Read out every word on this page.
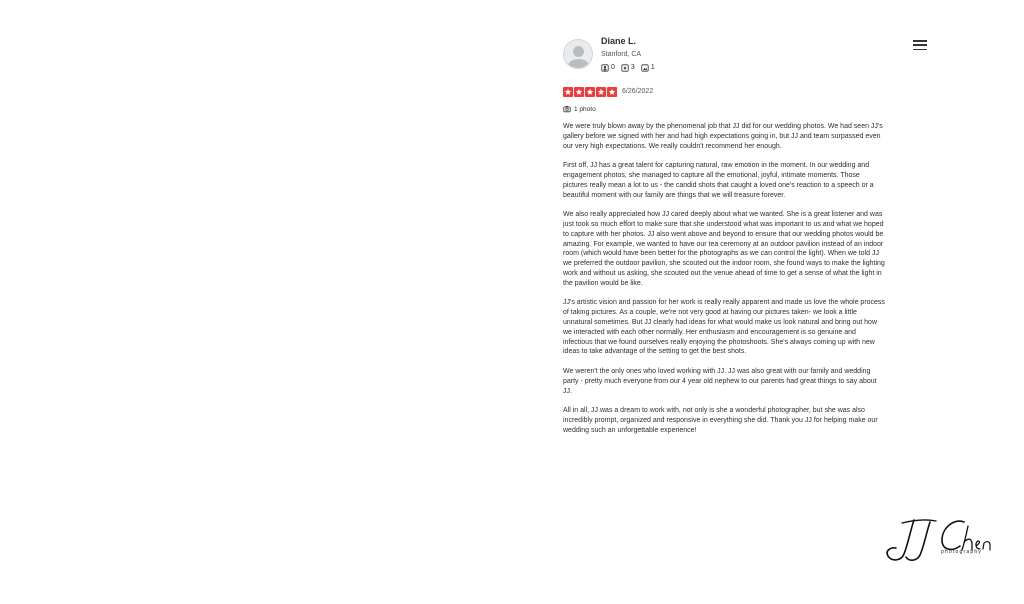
Diane L.
Stanford, CA
0 3 1
6/26/2022
1 photo

We were truly blown away by the phenomenal job that JJ did for our wedding photos. We had seen JJ's gallery before we signed with her and had high expectations going in, but JJ and team surpassed even our very high expectations. We really couldn't recommend her enough.

First off, JJ has a great talent for capturing natural, raw emotion in the moment. In our wedding and engagement photos, she managed to capture all the emotional, joyful, intimate moments. Those pictures really mean a lot to us - the candid shots that caught a loved one's reaction to a speech or a beautiful moment with our family are things that we will treasure forever.

We also really appreciated how JJ cared deeply about what we wanted. She is a great listener and was just took so much effort to make sure that she understood what was important to us and what we hoped to capture with her photos. JJ also went above and beyond to ensure that our wedding photos would be amazing. For example, we wanted to have our tea ceremony at an outdoor pavilion instead of an indoor room (which would have been better for the photographs as we can control the light). When we told JJ we preferred the outdoor pavilion, she scouted out the indoor room, she found ways to make the lighting work and without us asking, she scouted out the venue ahead of time to get a sense of what the light in the pavilion would be like.

JJ's artistic vision and passion for her work is really really apparent and made us love the whole process of taking pictures. As a couple, we're not very good at having our pictures taken- we look a little unnatural sometimes. But JJ clearly had ideas for what would make us look natural and bring out how we interacted with each other normally. Her enthusiasm and encouragement is so genuine and infectious that we found ourselves really enjoying the photoshoots. She's always coming up with new ideas to take advantage of the setting to get the best shots.

We weren't the only ones who loved working with JJ. JJ was also great with our family and wedding party - pretty much everyone from our 4 year old nephew to our parents had great things to say about JJ.

All in all, JJ was a dream to work with, not only is she a wonderful photographer, but she was also incredibly prompt, organized and responsive in everything she did. Thank you JJ for helping make our wedding such an unforgettable experience!

photography
